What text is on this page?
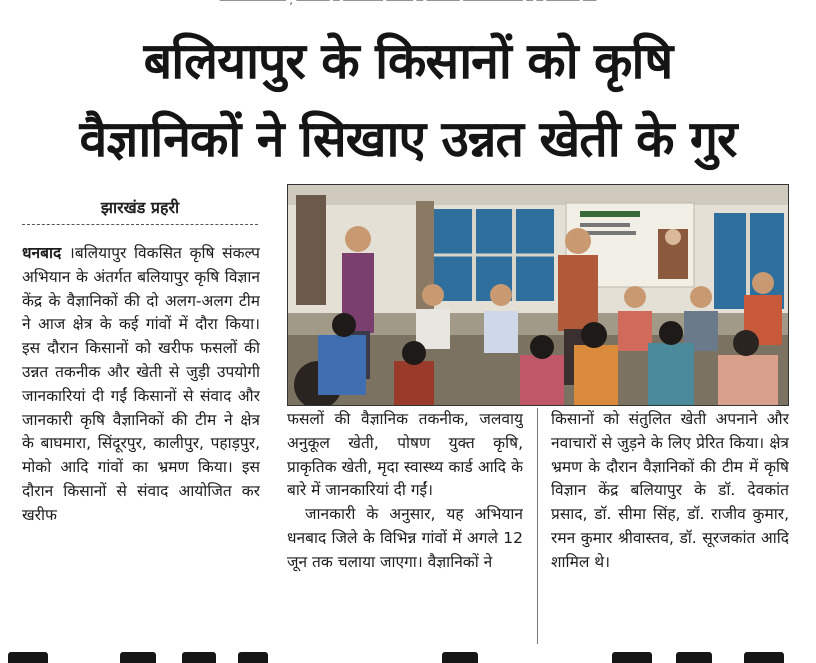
बलियापुर के किसानों को कृषि
वैज्ञानिकों ने सिखाए उन्नत खेती के गुर
झारखंड प्रहरी

धनबाद ।बलियापुर विकसित कृषि संकल्प अभियान के अंतर्गत बलियापुर कृषि विज्ञान केंद्र के वैज्ञानिकों की दो अलग-अलग टीम ने आज क्षेत्र के कई गांवों में दौरा किया। इस दौरान किसानों को खरीफ फसलों की उन्नत तकनीक और खेती से जुड़ी उपयोगी जानकारियां दी गईं किसानों से संवाद और जानकारी कृषि वैज्ञानिकों की टीम ने क्षेत्र के बाघमारा, सिंदूरपुर, कालीपुर, पहाड़पुर, मोको आदि गांवों का भ्रमण किया। इस दौरान किसानों से संवाद आयोजित कर खरीफ

फसलों की वैज्ञानिक तकनीक, जलवायु अनुकूल खेती, पोषण युक्त कृषि, प्राकृतिक खेती, मृदा स्वास्थ्य कार्ड आदि के बारे में जानकारियां दी गईं।

जानकारी के अनुसार, यह अभियान धनबाद जिले के विभिन्न गांवों में अगले 12 जून तक चलाया जाएगा। वैज्ञानिकों ने

किसानों को संतुलित खेती अपनाने और नवाचारों से जुड़ने के लिए प्रेरित किया। क्षेत्र भ्रमण के दौरान वैज्ञानिकों की टीम में कृषि विज्ञान केंद्र बलियापुर के डॉ. देवकांत प्रसाद, डॉ. सीमा सिंह, डॉ. राजीव कुमार, रमन कुमार श्रीवास्तव, डॉ. सूरजकांत आदि शामिल थे।
